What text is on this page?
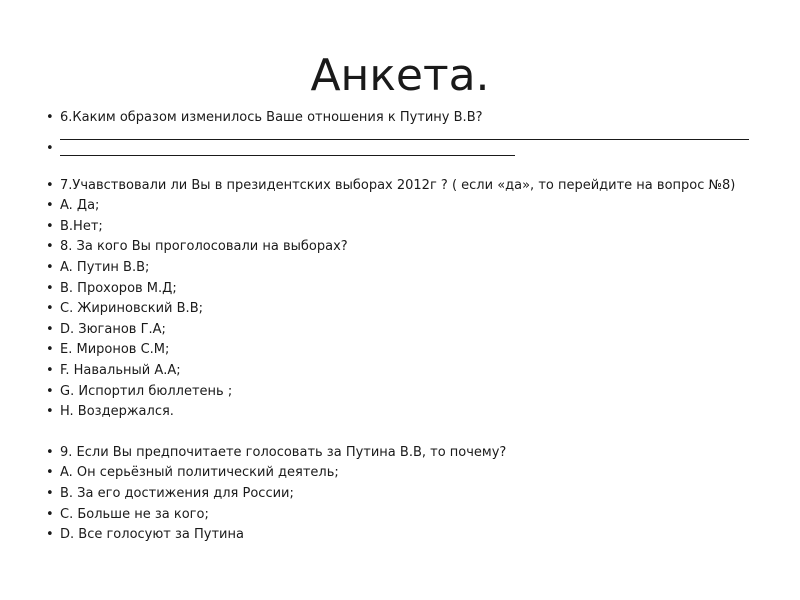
Анкета.
• 6.Каким образом изменилось Ваше отношения к Путину В.В?
•
• 7.Учавствовали ли Вы в президентских выборах 2012г ? ( если «да», то перейдите на вопрос №8)
• A. Да;
• B.Нет;
• 8. За кого Вы проголосовали на выборах?
• A. Путин В.В;
• B. Прохоров М.Д;
• C. Жириновский В.В;
• D. Зюганов Г.А;
• E. Миронов С.М;
• F. Навальный А.А;
• G. Испортил бюллетень ;
• H. Воздержался.
• 9. Если Вы предпочитаете голосовать за Путина В.В, то почему?
• A. Он серьёзный политический деятель;
• B. За его достижения для России;
• C. Больше не за кого;
• D. Все голосуют за Путина
